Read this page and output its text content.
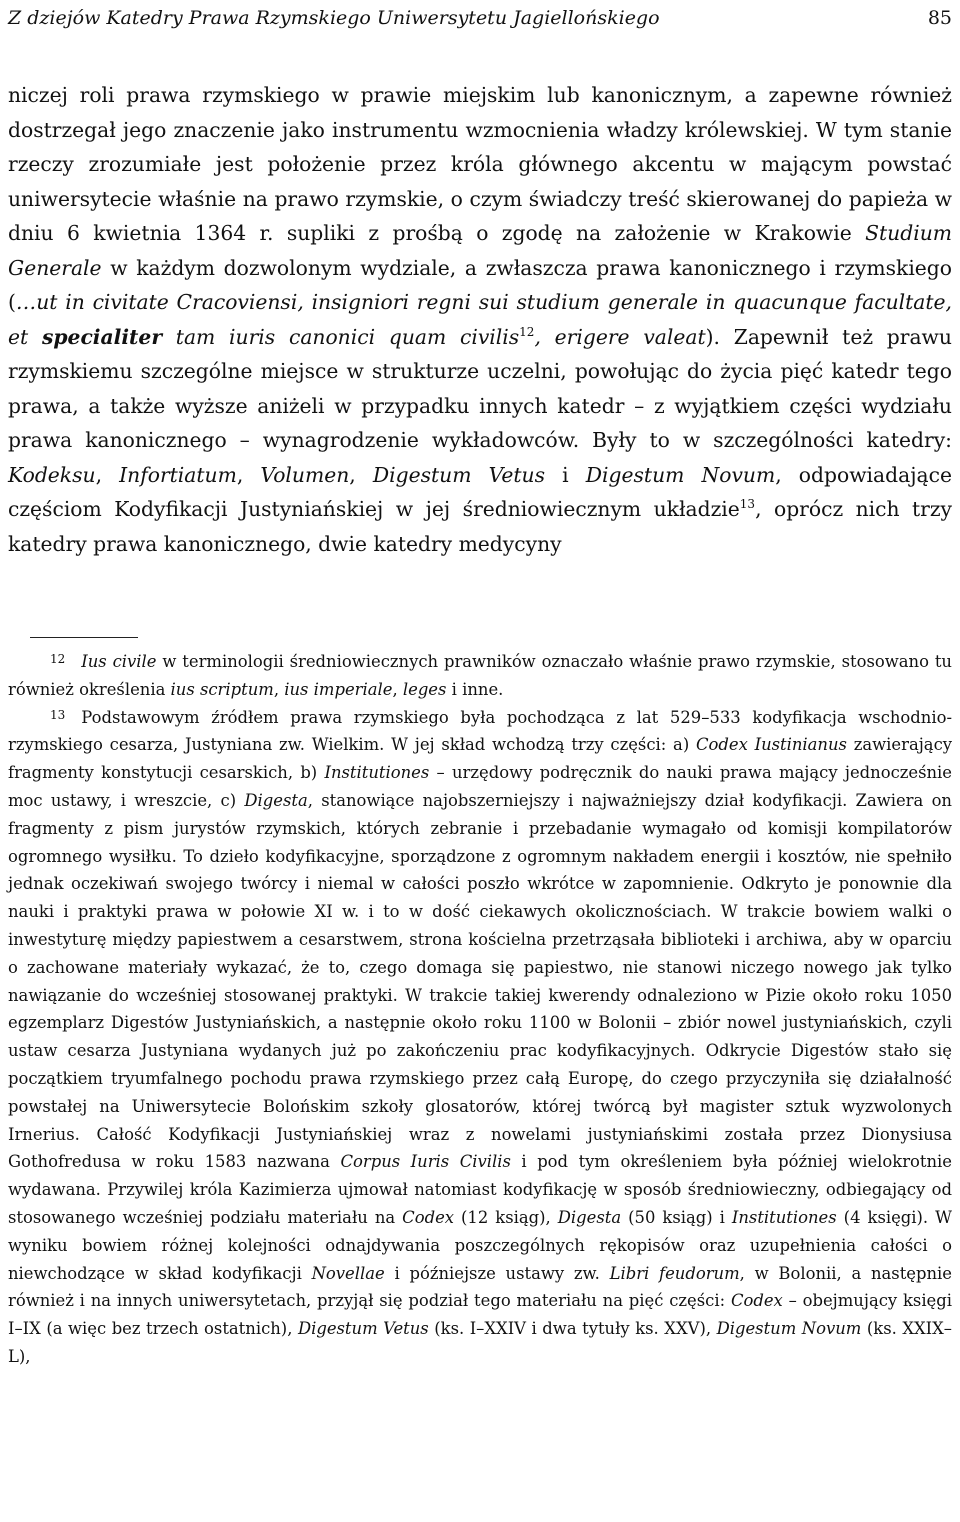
Z dziejów Katedry Prawa Rzymskiego Uniwersytetu Jagiellońskiego	85

niczej roli prawa rzymskiego w prawie miejskim lub kanonicznym, a zapewne również dostrzegał jego znaczenie jako instrumentu wzmocnienia władzy królewskiej. W tym stanie rzeczy zrozumiałe jest położenie przez króla głównego akcentu w mającym powstać uniwersytecie właśnie na prawo rzymskie, o czym świadczy treść skierowanej do papieża w dniu 6 kwietnia 1364 r. supliki z prośbą o zgodę na założenie w Krakowie Studium Generale w każdym dozwolonym wydziale, a zwłaszcza prawa kanonicznego i rzymskiego (…ut in civitate Cracoviensi, insigniori regni sui studium generale in quacunque facultate, et specialiter tam iuris canonici quam civilis$^{12}$, erigere valeat). Zapewnił też prawu rzymskiemu szczególne miejsce w strukturze uczelni, powołując do życia pięć katedr tego prawa, a także wyższe aniżeli w przypadku innych katedr – z wyjątkiem części wydziału prawa kanonicznego – wynagrodzenie wykładowców. Były to w szczególności katedry: Kodeksu, Infortiatum, Volumen, Digestum Vetus i Digestum Novum, odpowiadające częściom Kodyfikacji Justyniańskiej w jej średniowiecznym układzie$^{13}$, oprócz nich trzy katedry prawa kanonicznego, dwie katedry medycyny

$^{12}$ Ius civile w terminologii średniowiecznych prawników oznaczało właśnie prawo rzymskie, stosowano tu również określenia ius scriptum, ius imperiale, leges i inne.

$^{13}$ Podstawowym źródłem prawa rzymskiego była pochodząca z lat 529–533 kodyfikacja wschodnio-rzymskiego cesarza, Justyniana zw. Wielkim. W jej skład wchodzą trzy części: a) Codex Iustinianus zawierający fragmenty konstytucji cesarskich, b) Institutiones – urzędowy podręcznik do nauki prawa mający jednocześnie moc ustawy, i wreszcie, c) Digesta, stanowiące najobszerniejszy i najważniejszy dział kodyfikacji. Zawiera on fragmenty z pism jurystów rzymskich, których zebranie i przebadanie wymagało od komisji kompilatorów ogromnego wysiłku. To dzieło kodyfikacyjne, sporządzone z ogromnym nakładem energii i kosztów, nie spełniło jednak oczekiwań swojego twórcy i niemal w całości poszło wkrótce w zapomnienie. Odkryto je ponownie dla nauki i praktyki prawa w połowie XI w. i to w dość ciekawych okolicznościach. W trakcie bowiem walki o inwestyturę między papiestwem a cesarstwem, strona kościelna przetrząsała biblioteki i archiwa, aby w oparciu o zachowane materiały wykazać, że to, czego domaga się papiestwo, nie stanowi niczego nowego jak tylko nawiązanie do wcześniej stosowanej praktyki. W trakcie takiej kwerendy odnaleziono w Pizie około roku 1050 egzemplarz Digestów Justyniańskich, a następnie około roku 1100 w Bolonii – zbiór nowel justyniańskich, czyli ustaw cesarza Justyniana wydanych już po zakończeniu prac kodyfikacyjnych. Odkrycie Digestów stało się początkiem tryumfalnego pochodu prawa rzymskiego przez całą Europę, do czego przyczyniła się działalność powstałej na Uniwersytecie Bolońskim szkoły glosatorów, której twórcą był magister sztuk wyzwolonych Irnerius. Całość Kodyfikacji Justyniańskiej wraz z nowelami justyniańskimi została przez Dionysiusa Gothofredusa w roku 1583 nazwana Corpus Iuris Civilis i pod tym określeniem była później wielokrotnie wydawana. Przywilej króla Kazimierza ujmował natomiast kodyfikację w sposób średniowieczny, odbiegający od stosowanego wcześniej podziału materiału na Codex (12 ksiąg), Digesta (50 ksiąg) i Institutiones (4 księgi). W wyniku bowiem różnej kolejności odnajdywania poszczególnych rękopisów oraz uzupełnienia całości o niewchodzące w skład kodyfikacji Novellae i późniejsze ustawy zw. Libri feudorum, w Bolonii, a następnie również i na innych uniwersytetach, przyjął się podział tego materiału na pięć części: Codex – obejmujący księgi I–IX (a więc bez trzech ostatnich), Digestum Vetus (ks. I–XXIV i dwa tytuły ks. XXV), Digestum Novum (ks. XXIX–L),
